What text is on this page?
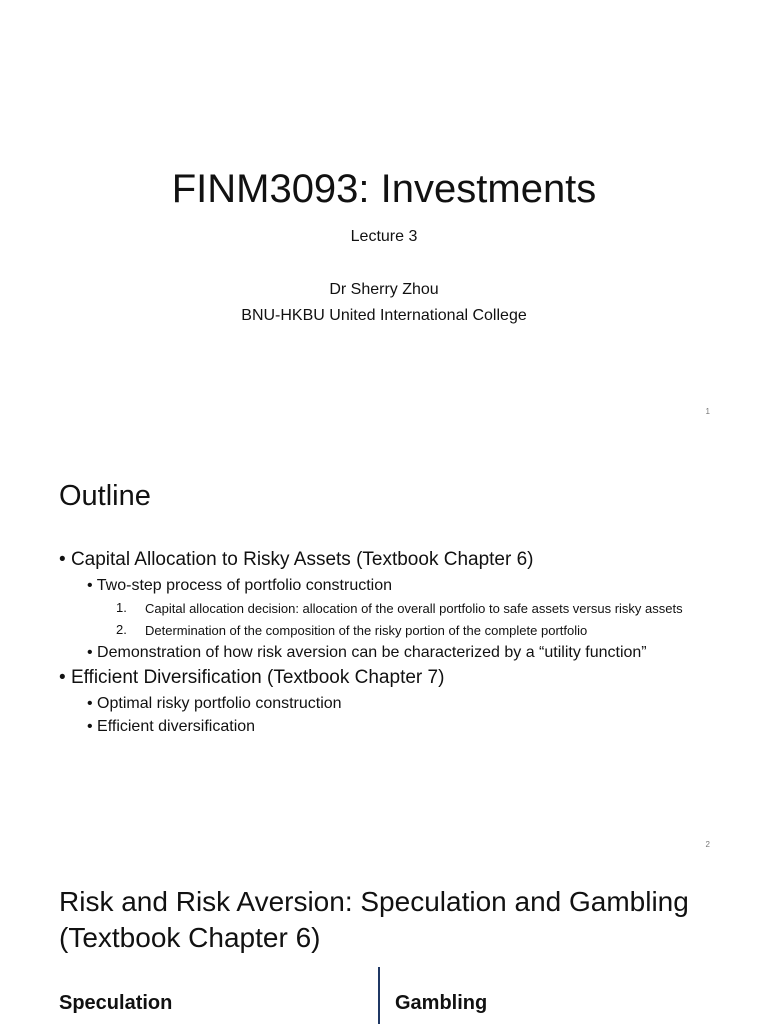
FINM3093: Investments
Lecture 3
Dr Sherry Zhou
BNU-HKBU United International College
1
Outline
• Capital Allocation to Risky Assets (Textbook Chapter 6)
• Two-step process of portfolio construction
1.	Capital allocation decision: allocation of the overall portfolio to safe assets versus risky assets
2.	Determination of the composition of the risky portion of the complete portfolio
• Demonstration of how risk aversion can be characterized by a “utility function”
• Efficient Diversification (Textbook Chapter 7)
• Optimal risky portfolio construction
• Efficient diversification
2
Risk and Risk Aversion: Speculation and Gambling (Textbook Chapter 6)
Speculation	Gambling
